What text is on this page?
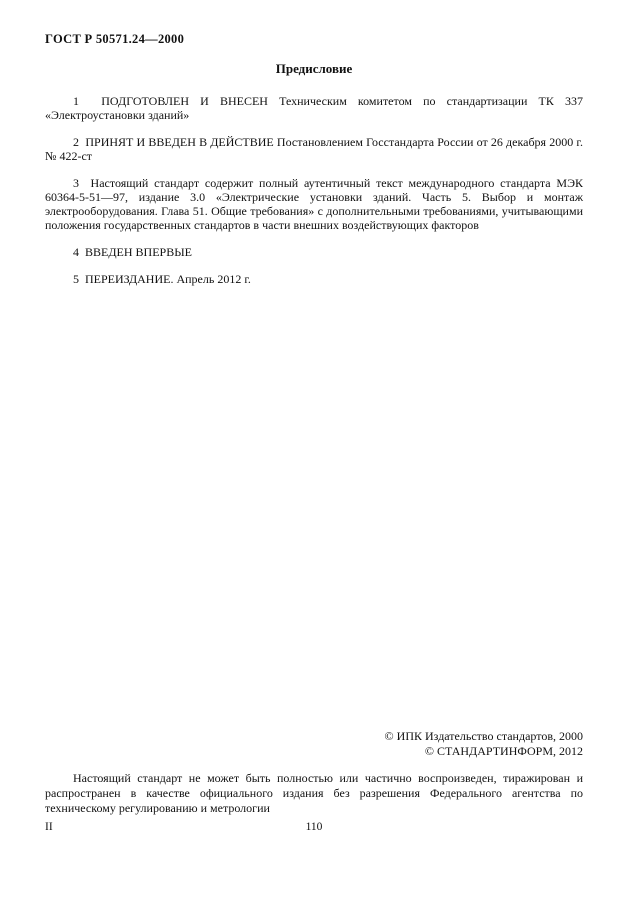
ГОСТ Р 50571.24—2000
Предисловие

1  ПОДГОТОВЛЕН И ВНЕСЕН Техническим комитетом по стандартизации ТК 337 «Электроустановки зданий»

2  ПРИНЯТ И ВВЕДЕН В ДЕЙСТВИЕ Постановлением Госстандарта России от 26 декабря 2000 г. № 422-ст

3  Настоящий стандарт содержит полный аутентичный текст международного стандарта МЭК 60364-5-51—97, издание 3.0 «Электрические установки зданий. Часть 5. Выбор и монтаж электрооборудования. Глава 51. Общие требования» с дополнительными требованиями, учитывающими положения государственных стандартов в части внешних воздействующих факторов

4  ВВЕДЕН ВПЕРВЫЕ

5  ПЕРЕИЗДАНИЕ. Апрель 2012 г.

© ИПК Издательство стандартов, 2000
© СТАНДАРТИНФОРМ, 2012

Настоящий стандарт не может быть полностью или частично воспроизведен, тиражирован и распространен в качестве официального издания без разрешения Федерального агентства по техническому регулированию и метрологии

II	110
